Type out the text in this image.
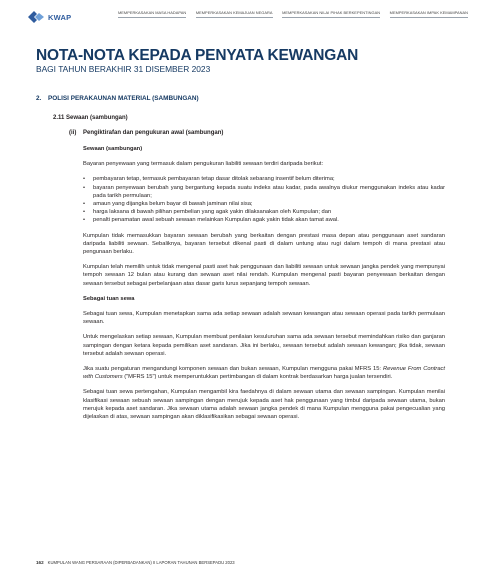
KWAP	MEMPERKASAKAN MASA HADAPAN MEMPERKASAKAN KEMAJUAN NEGARA MEMPERKASAKAN NILAI PIHAK BERKEPENTINGAN MEMPERKASAKAN IMPAK KEMAMPANAN
NOTA-NOTA KEPADA PENYATA KEWANGAN
BAGI TAHUN BERAKHIR 31 DISEMBER 2023
2. POLISI PERAKAUNAN MATERIAL (SAMBUNGAN)
2.11 Sewaan (sambungan)
(ii) Pengiktirafan dan pengukuran awal (sambungan)
Sewaan (sambungan)

Bayaran penyewaan yang termasuk dalam pengukuran liabiliti sewaan terdiri daripada berikut:

• pembayaran tetap, termasuk pembayaran tetap dasar ditolak sebarang insentif belum diterima;
• bayaran penyewaan berubah yang bergantung kepada suatu indeks atau kadar, pada awalnya diukur menggunakan indeks atau kadar pada tarikh permulaan;
• amaun yang dijangka belum bayar di bawah jaminan nilai sisa;
• harga laksana di bawah pilihan pembelian yang agak yakin dilaksanakan oleh Kumpulan; dan
• penalti penamatan awal sebuah sewaan melainkan Kumpulan agak yakin tidak akan tamat awal.

Kumpulan tidak memasukkan bayaran sewaan berubah yang berkaitan dengan prestasi masa depan atau penggunaan aset sandaran daripada liabiliti sewaan. Sebaliknya, bayaran tersebut dikenal pasti di dalam untung atau rugi dalam tempoh di mana prestasi atau pengunaan berlaku.

Kumpulan telah memilih untuk tidak mengenal pasti aset hak penggunaan dan liabiliti sewaan untuk sewaan jangka pendek yang mempunyai tempoh sewaan 12 bulan atau kurang dan sewaan aset nilai rendah. Kumpulan mengenal pasti bayaran penyewaan berkaitan dengan sewaan tersebut sebagai perbelanjaan atas dasar garis lurus sepanjang tempoh sewaan.

Sebagai tuan sewa

Sebagai tuan sewa, Kumpulan menetapkan sama ada setiap sewaan adalah sewaan kewangan atau sewaan operasi pada tarikh permulaan sewaan.

Untuk mengelaskan setiap sewaan, Kumpulan membuat penilaian kesuluruhan sama ada sewaan tersebut memindahkan risiko dan ganjaran sampingan dengan ketara kepada pemilikan aset sandaran. Jika ini berlaku, sewaan tersebut adalah sewaan kewangan; jika tidak, sewaan tersebut adalah sewaan operasi.

Jika suatu pengaturan mengandungi komponen sewaan dan bukan sewaan, Kumpulan mengguna pakai MFRS 15: Revenue From Contract with Customers ("MFRS 15") untuk memperuntukkan pertimbangan di dalam kontrak berdasarkan harga jualan tersendiri.

Sebagai tuan sewa pertengahan, Kumpulan mengambil kira faedahnya di dalam sewaan utama dan sewaan sampingan. Kumpulan menilai klasifikasi sewaan sebuah sewaan sampingan dengan merujuk kepada aset hak penggunaan yang timbul daripada sewaan utama, bukan merujuk kepada aset sandaran. Jika sewaan utama adalah sewaan jangka pendek di mana Kumpulan mengguna pakai pengecualian yang dijelaskan di atas, sewaan sampingan akan diklasifikasikan sebagai sewaan operasi.

162 KUMPULAN WANG PERSARAAN (DIPERBADANKAN) II LAPORAN TAHUNAN BERSEPADU 2023
